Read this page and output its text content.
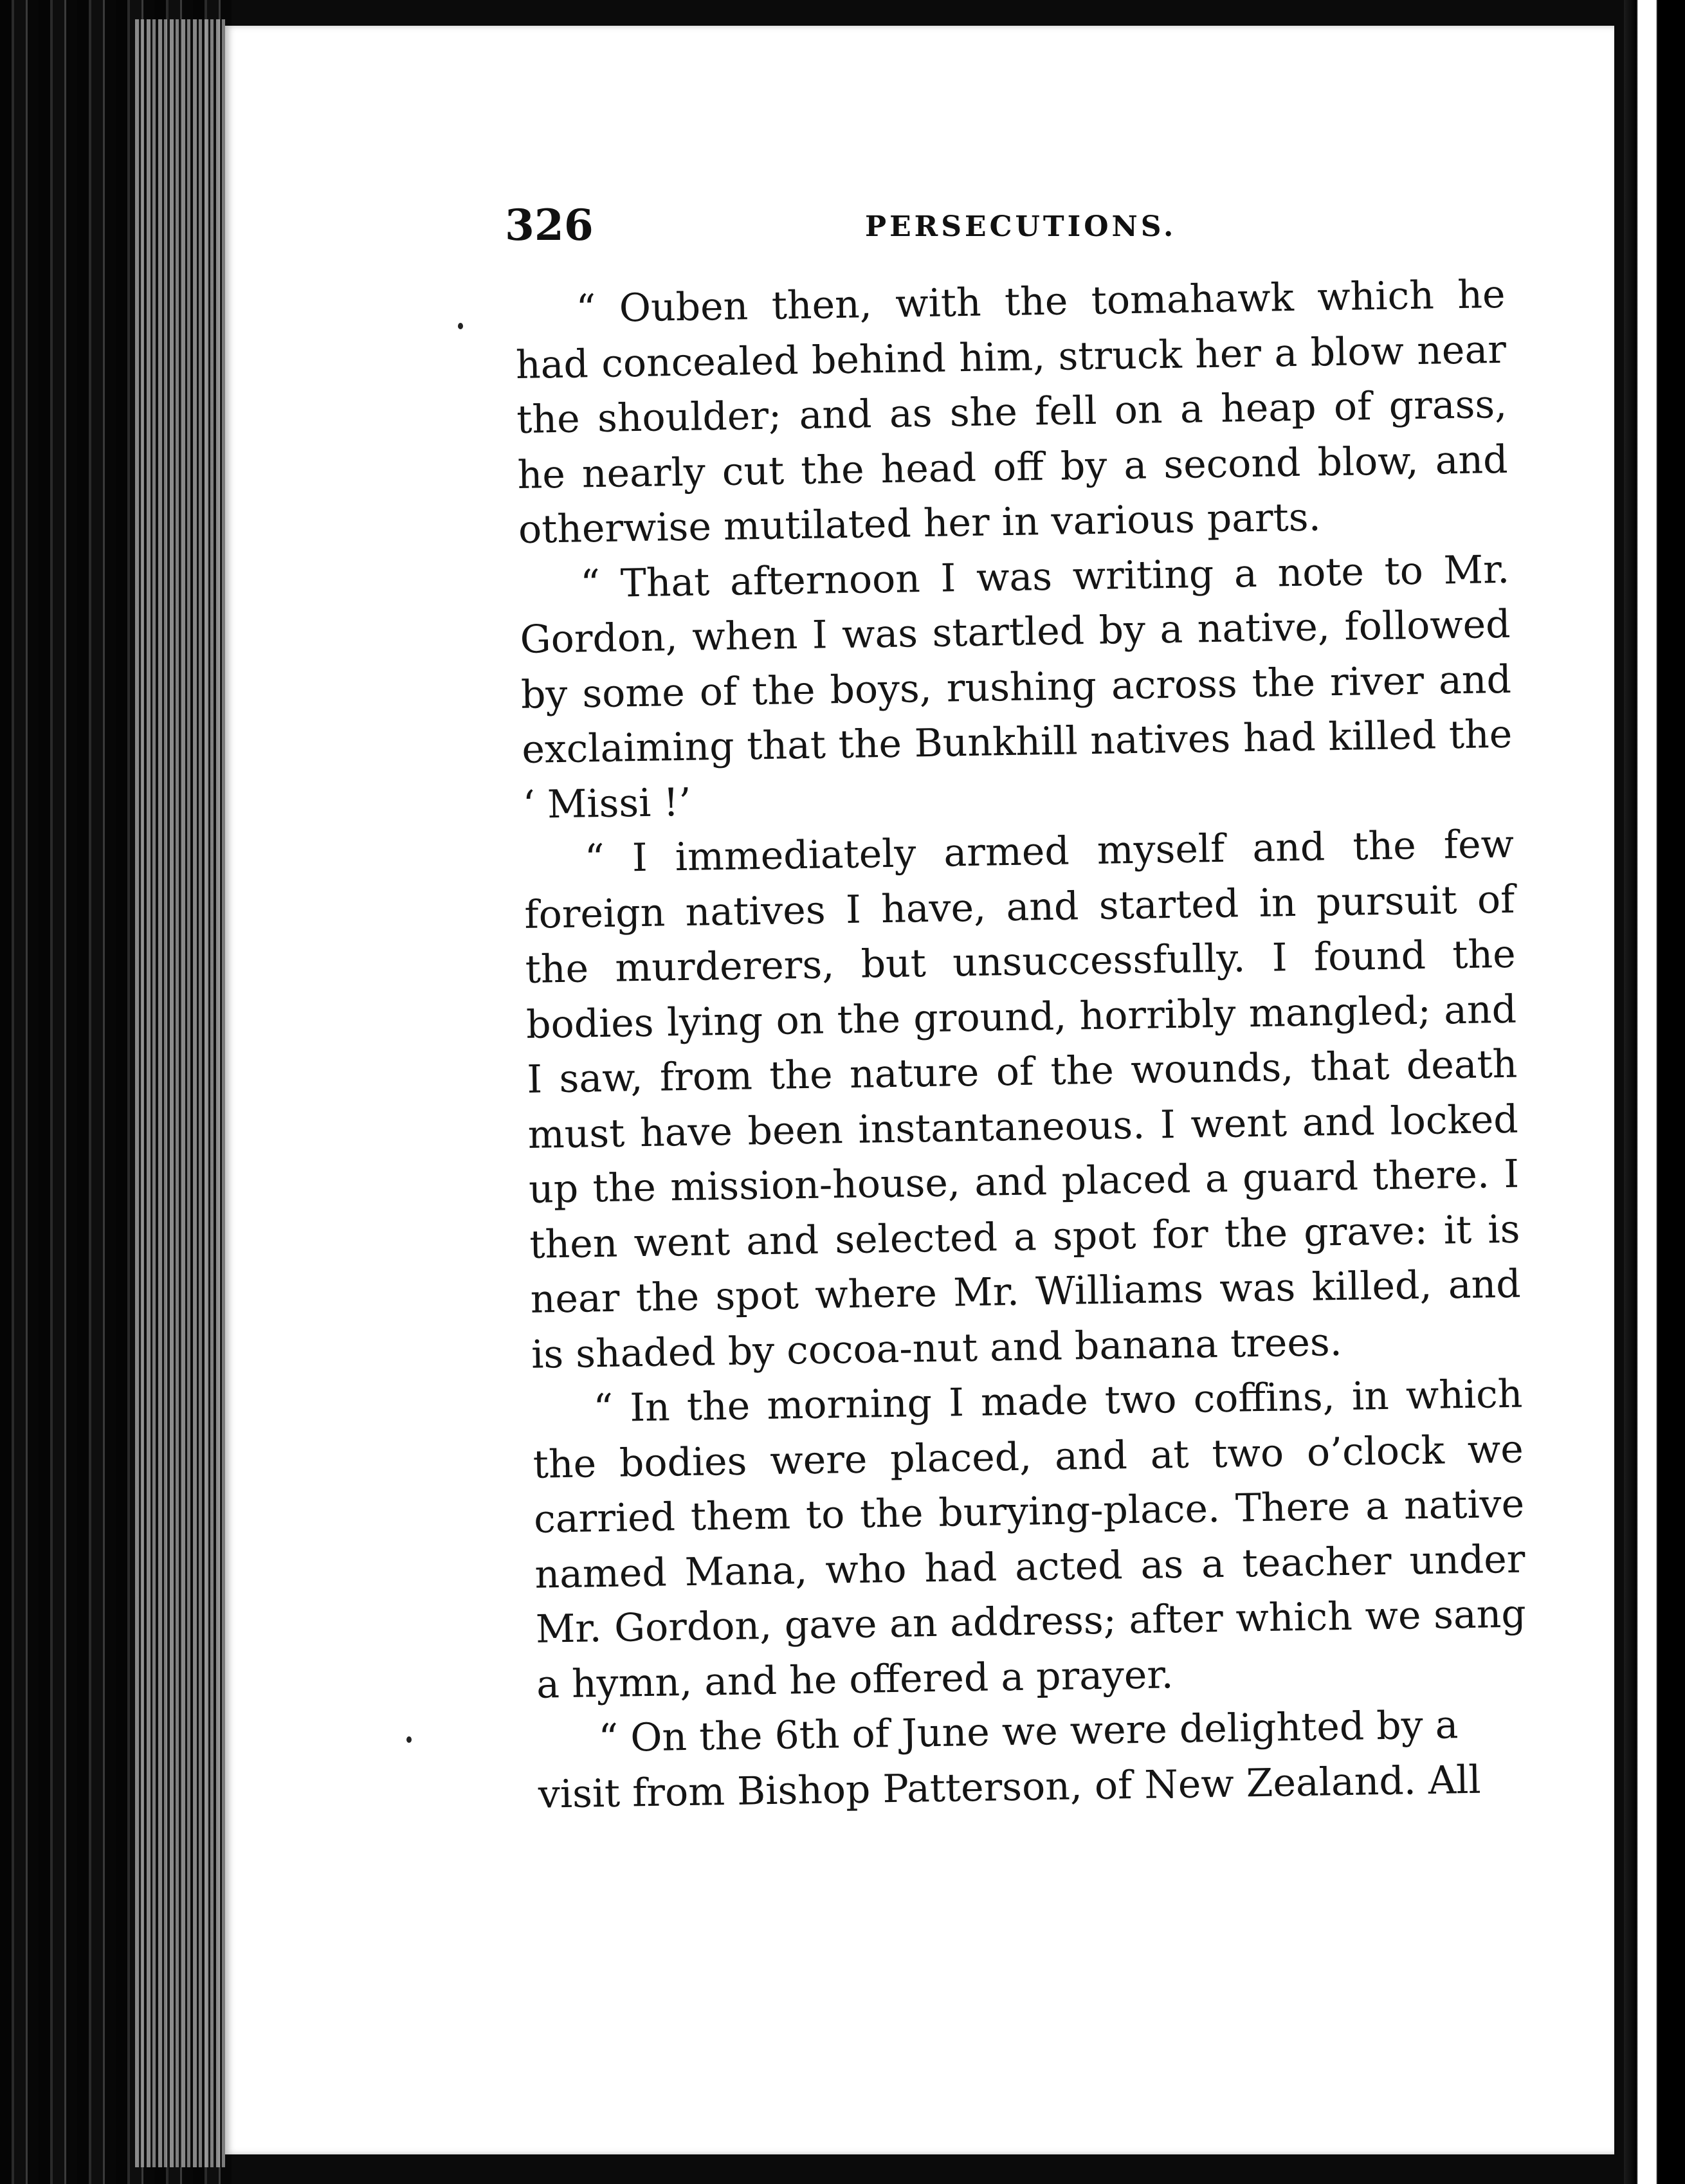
326	PERSECUTIONS.

“ Ouben then, with the tomahawk which he had concealed behind him, struck her a blow near the shoulder; and as she fell on a heap of grass, he nearly cut the head off by a second blow, and otherwise mutilated her in various parts.

“ That afternoon I was writing a note to Mr. Gordon, when I was startled by a native, followed by some of the boys, rushing across the river and exclaiming that the Bunkhill natives had killed the ‘ Missi !’

“ I immediately armed myself and the few foreign natives I have, and started in pursuit of the murderers, but unsuccessfully. I found the bodies lying on the ground, horribly mangled; and I saw, from the nature of the wounds, that death must have been instantaneous. I went and locked up the mission-house, and placed a guard there. I then went and selected a spot for the grave: it is near the spot where Mr. Williams was killed, and is shaded by cocoa-nut and banana trees.

“ In the morning I made two coffins, in which the bodies were placed, and at two o’clock we carried them to the burying-place. There a native named Mana, who had acted as a teacher under Mr. Gordon, gave an address; after which we sang a hymn, and he offered a prayer.

“ On the 6th of June we were delighted by a visit from Bishop Patterson, of New Zealand. All
